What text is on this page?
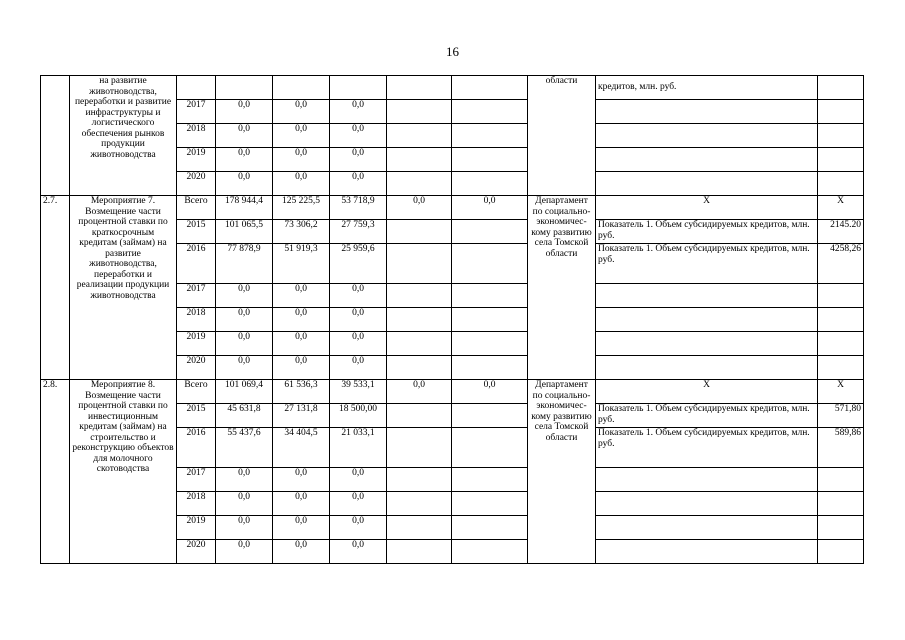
16
	на развитие животноводства, переработки и развитие инфраструктуры и логистического обеспечения рынков продукции животноводства							области	кредитов, млн. руб.	
		2017	0,0	0,0	0,0					
		2018	0,0	0,0	0,0					
		2019	0,0	0,0	0,0					
		2020	0,0	0,0	0,0					
2.7.	Мероприятие 7. Возмещение части процентной ставки по краткосрочным кредитам (займам) на развитие животноводства, переработки и реализации продукции животноводства	Всего	178 944,4	125 225,5	53 718,9	0,0	0,0	Департамент по социально-экономичес-кому развитию села Томской области	Х	Х
		2015	101 065,5	73 306,2	27 759,3				Показатель 1. Объем субсидируемых кредитов, млн. руб.	2145.20
		2016	77 878,9	51 919,3	25 959,6				Показатель 1. Объем субсидируемых кредитов, млн. руб.	4258,26
		2017	0,0	0,0	0,0					
		2018	0,0	0,0	0,0					
		2019	0,0	0,0	0,0					
		2020	0,0	0,0	0,0					
2.8.	Мероприятие 8. Возмещение части процентной ставки по инвестиционным кредитам (займам) на строительство и реконструкцию объектов для молочного скотоводства	Всего	101 069,4	61 536,3	39 533,1	0,0	0,0	Департамент по социально-экономичес-кому развитию села Томской области	Х	Х
		2015	45 631,8	27 131,8	18 500,00				Показатель 1. Объем субсидируемых кредитов, млн. руб.	571,80
		2016	55 437,6	34 404,5	21 033,1				Показатель 1. Объем субсидируемых кредитов, млн. руб.	589,86
		2017	0,0	0,0	0,0					
		2018	0,0	0,0	0,0					
		2019	0,0	0,0	0,0					
		2020	0,0	0,0	0,0					
